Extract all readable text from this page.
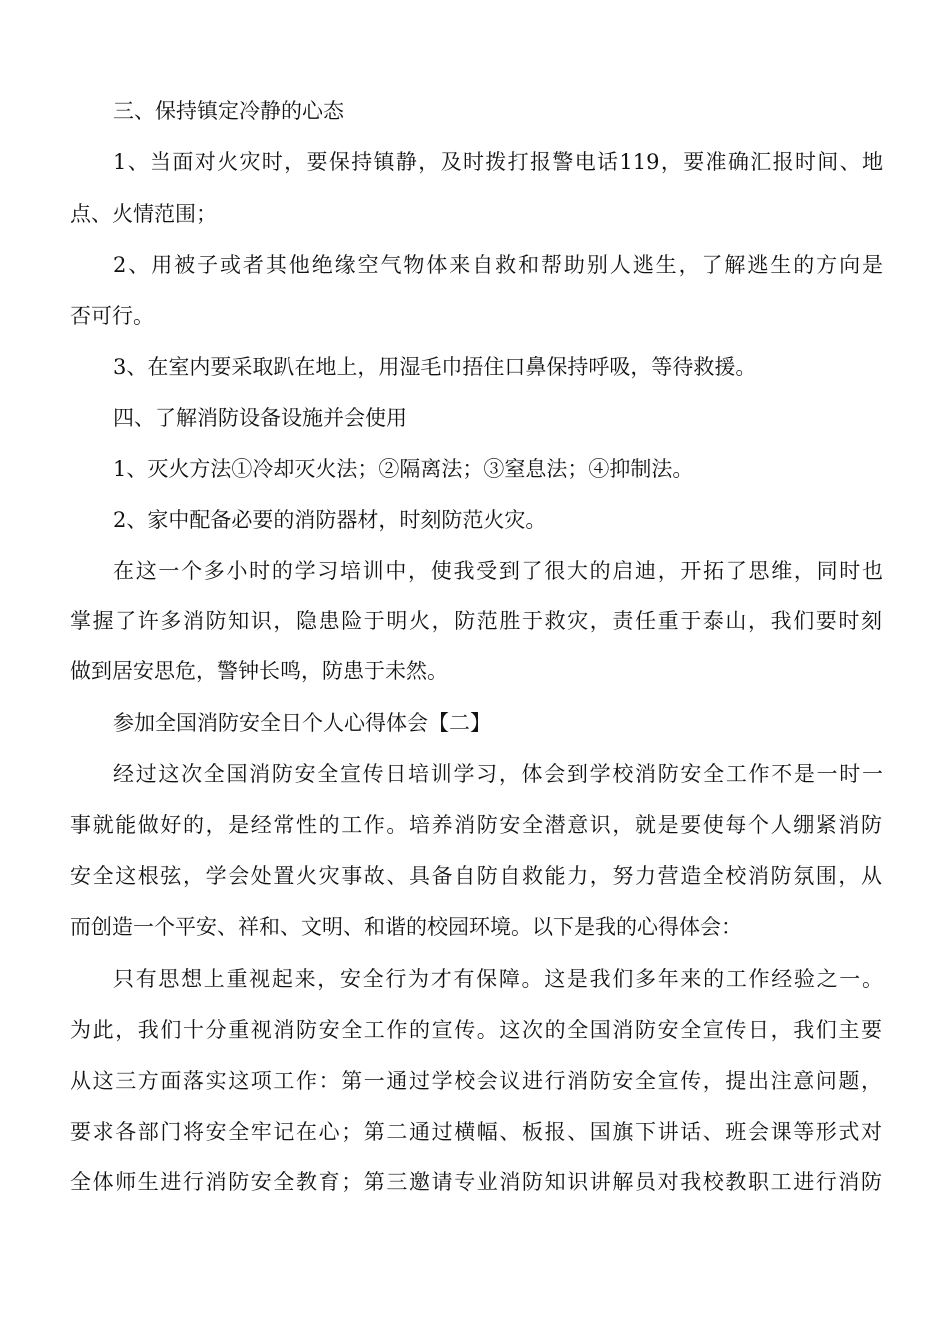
三、保持镇定冷静的心态
1、当面对火灾时，要保持镇静，及时拨打报警电话119，要准确汇报时间、地
点、火情范围；
2、用被子或者其他绝缘空气物体来自救和帮助别人逃生，了解逃生的方向是
否可行。
3、在室内要采取趴在地上，用湿毛巾捂住口鼻保持呼吸，等待救援。
四、了解消防设备设施并会使用
1、灭火方法①冷却灭火法；②隔离法；③窒息法；④抑制法。
2、家中配备必要的消防器材，时刻防范火灾。
在这一个多小时的学习培训中，使我受到了很大的启迪，开拓了思维，同时也
掌握了许多消防知识，隐患险于明火，防范胜于救灾，责任重于泰山，我们要时刻
做到居安思危，警钟长鸣，防患于未然。
参加全国消防安全日个人心得体会【二】
经过这次全国消防安全宣传日培训学习，体会到学校消防安全工作不是一时一
事就能做好的，是经常性的工作。培养消防安全潜意识，就是要使每个人绷紧消防
安全这根弦，学会处置火灾事故、具备自防自救能力，努力营造全校消防氛围，从
而创造一个平安、祥和、文明、和谐的校园环境。以下是我的心得体会：
只有思想上重视起来，安全行为才有保障。这是我们多年来的工作经验之一。
为此，我们十分重视消防安全工作的宣传。这次的全国消防安全宣传日，我们主要
从这三方面落实这项工作：第一通过学校会议进行消防安全宣传，提出注意问题，
要求各部门将安全牢记在心；第二通过横幅、板报、国旗下讲话、班会课等形式对
全体师生进行消防安全教育；第三邀请专业消防知识讲解员对我校教职工进行消防
